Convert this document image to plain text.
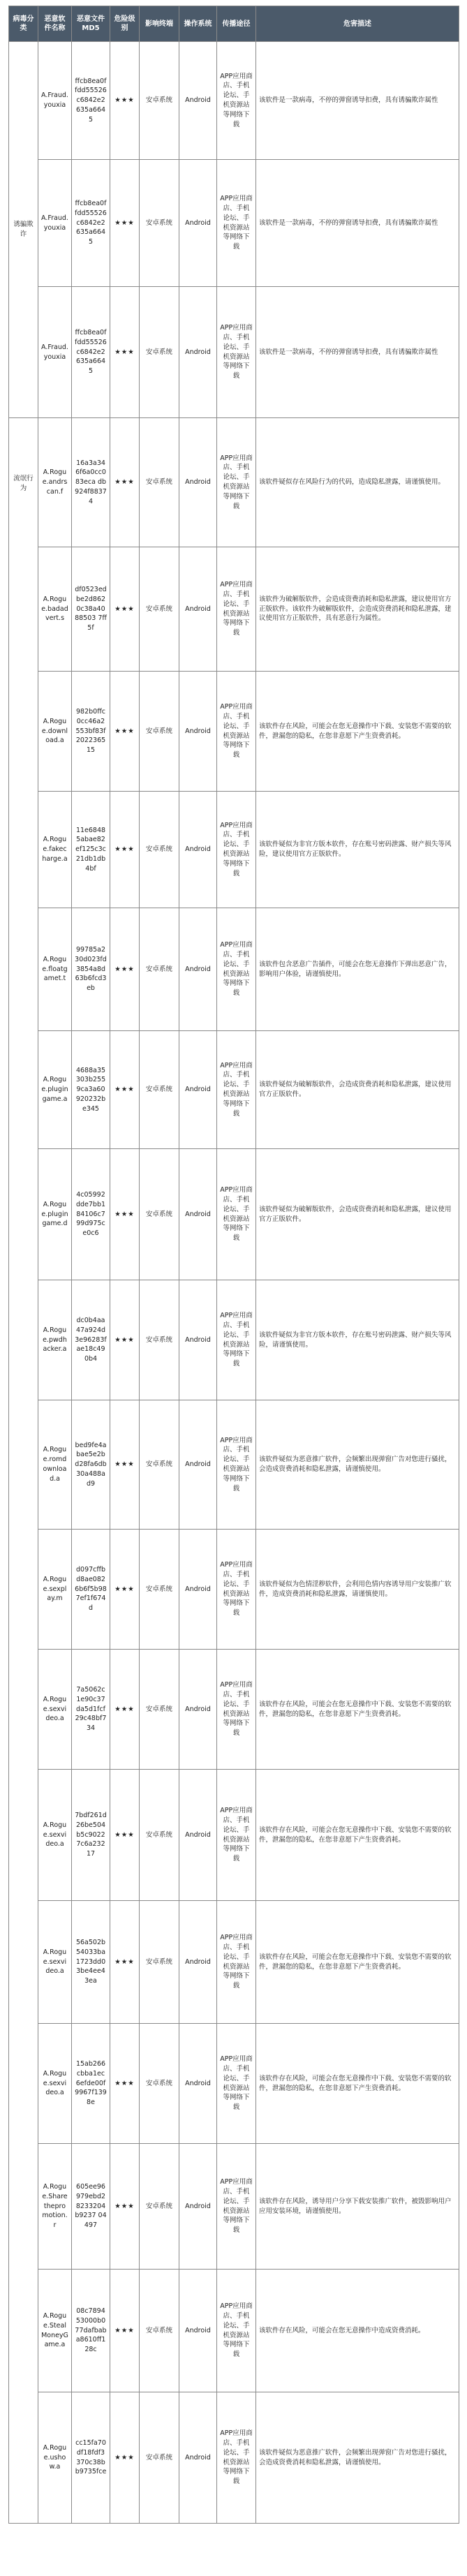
病毒分类	恶意软件名称	恶意文件MD5	危险级别	影响终端	操作系统	传播途径	危害描述
诱骗欺诈	A.Fraud.youxia	ffcb8ea0ffdd55526c6842e2635a6645	★★★	安卓系统	Android	APP应用商店、手机论坛、手机资源站等网络下载	该软件是一款病毒，不停的弹窗诱导扣费，具有诱骗欺诈属性
	A.Fraud.youxia	ffcb8ea0ffdd55526c6842e2635a6645	★★★	安卓系统	Android	APP应用商店、手机论坛、手机资源站等网络下载	该软件是一款病毒，不停的弹窗诱导扣费，具有诱骗欺诈属性
	A.Fraud.youxia	ffcb8ea0ffdd55526c6842e2635a6645	★★★	安卓系统	Android	APP应用商店、手机论坛、手机资源站等网络下载	该软件是一款病毒，不停的弹窗诱导扣费，具有诱骗欺诈属性
流氓行为	A.Rogue.andrscan.f	16a3a346f6a0cc083eca db924f88374	★★★	安卓系统	Android	APP应用商店、手机论坛、手机资源站等网络下载	该软件疑似存在风险行为的代码，造成隐私泄露，请谨慎使用。
	A.Rogue.badadvert.s	df0523edbe2d8620c38a4088503 7ff5f	★★★	安卓系统	Android	APP应用商店、手机论坛、手机资源站等网络下载	该软件为破解版软件，会造成资费消耗和隐私泄露，建议使用官方正版软件。该软件为破解版软件，会造成资费消耗和隐私泄露，建议使用官方正版软件，具有恶意行为属性。
	A.Rogue.download.a	982b0ffc0cc46a2553bf83f202236515	★★★	安卓系统	Android	APP应用商店、手机论坛、手机资源站等网络下载	该软件存在风险，可能会在您无意操作中下载、安装您不需要的软件，泄漏您的隐私，在您非意愿下产生资费消耗。
	A.Rogue.fakecharge.a	11e68485abae82ef125c3c21db1db4bf	★★★	安卓系统	Android	APP应用商店、手机论坛、手机资源站等网络下载	该软件疑似为非官方版本软件，存在账号密码泄露、财产损失等风险，建议使用官方正版软件。
	A.Rogue.floatgamet.t	99785a230d023fd3854a8d63b6fcd3eb	★★★	安卓系统	Android	APP应用商店、手机论坛、手机资源站等网络下载	该软件包含恶意广告插件，可能会在您无意操作下弹出恶意广告，影响用户体验，请谨慎使用。
	A.Rogue.plugingame.a	4688a35303b2559ca3a60920232be345	★★★	安卓系统	Android	APP应用商店、手机论坛、手机资源站等网络下载	该软件疑似为破解版软件，会造成资费消耗和隐私泄露，建议使用官方正版软件。
	A.Rogue.plugingame.d	4c05992dde7bb184106c799d975ce0c6	★★★	安卓系统	Android	APP应用商店、手机论坛、手机资源站等网络下载	该软件疑似为破解版软件，会造成资费消耗和隐私泄露，建议使用官方正版软件。
	A.Rogue.pwdhacker.a	dc0b4aa47a924d3e96283fae18c490b4	★★★	安卓系统	Android	APP应用商店、手机论坛、手机资源站等网络下载	该软件疑似为非官方版本软件，存在账号密码泄露、财产损失等风险，请谨慎使用。
	A.Rogue.romdownload.a	bed9fe4abae5e2bd28fa6db30a488ad9	★★★	安卓系统	Android	APP应用商店、手机论坛、手机资源站等网络下载	该软件疑似为恶意推广软件，会频繁出现弹窗广告对您进行骚扰，会造成资费消耗和隐私泄露，请谨慎使用。
	A.Rogue.sexplay.m	d097cffbd8ae0826b6f5b987ef1f674d	★★★	安卓系统	Android	APP应用商店、手机论坛、手机资源站等网络下载	该软件疑似为色情淫秽软件，会利用色情内容诱导用户安装推广软件，造成资费消耗和隐私泄露，请谨慎使用。
	A.Rogue.sexvideo.a	7a5062c1e90c37da5d1fcf29c48bf734	★★★	安卓系统	Android	APP应用商店、手机论坛、手机资源站等网络下载	该软件存在风险，可能会在您无意操作中下载、安装您不需要的软件，泄漏您的隐私，在您非意愿下产生资费消耗。
	A.Rogue.sexvideo.a	7bdf261d26be504b5c90227c6a23217	★★★	安卓系统	Android	APP应用商店、手机论坛、手机资源站等网络下载	该软件存在风险，可能会在您无意操作中下载、安装您不需要的软件，泄漏您的隐私，在您非意愿下产生资费消耗。
	A.Rogue.sexvideo.a	56a502b54033ba1723dd03be4ee43ea	★★★	安卓系统	Android	APP应用商店、手机论坛、手机资源站等网络下载	该软件存在风险，可能会在您无意操作中下载、安装您不需要的软件，泄漏您的隐私，在您非意愿下产生资费消耗。
	A.Rogue.sexvideo.a	15ab266cbba1ec6efde00f9967f1398e	★★★	安卓系统	Android	APP应用商店、手机论坛、手机资源站等网络下载	该软件存在风险，可能会在您无意操作中下载、安装您不需要的软件，泄漏您的隐私，在您非意愿下产生资费消耗。
	A.Rogue.Sharethepromotion.r	605ee96979ebd28233204b9237 04497	★★★	安卓系统	Android	APP应用商店、手机论坛、手机资源站等网络下载	该软件存在风险，诱导用户分享下载安装推广软件，被毁影响用户应用安装环境，请谨慎使用。
	A.Rogue.StealMoneyGame.a	08c789453000b077dafbaba8610ff128c	★★★	安卓系统	Android	APP应用商店、手机论坛、手机资源站等网络下载	该软件存在风险，可能会在您无意操作中造成资费消耗。
	A.Rogue.ushow.a	cc15fa70df18fdf3370c38bb9735fce	★★★	安卓系统	Android	APP应用商店、手机论坛、手机资源站等网络下载	该软件疑似为恶意推广软件，会频繁出现弹窗广告对您进行骚扰，会造成资费消耗和隐私泄露，请谨慎使用。
